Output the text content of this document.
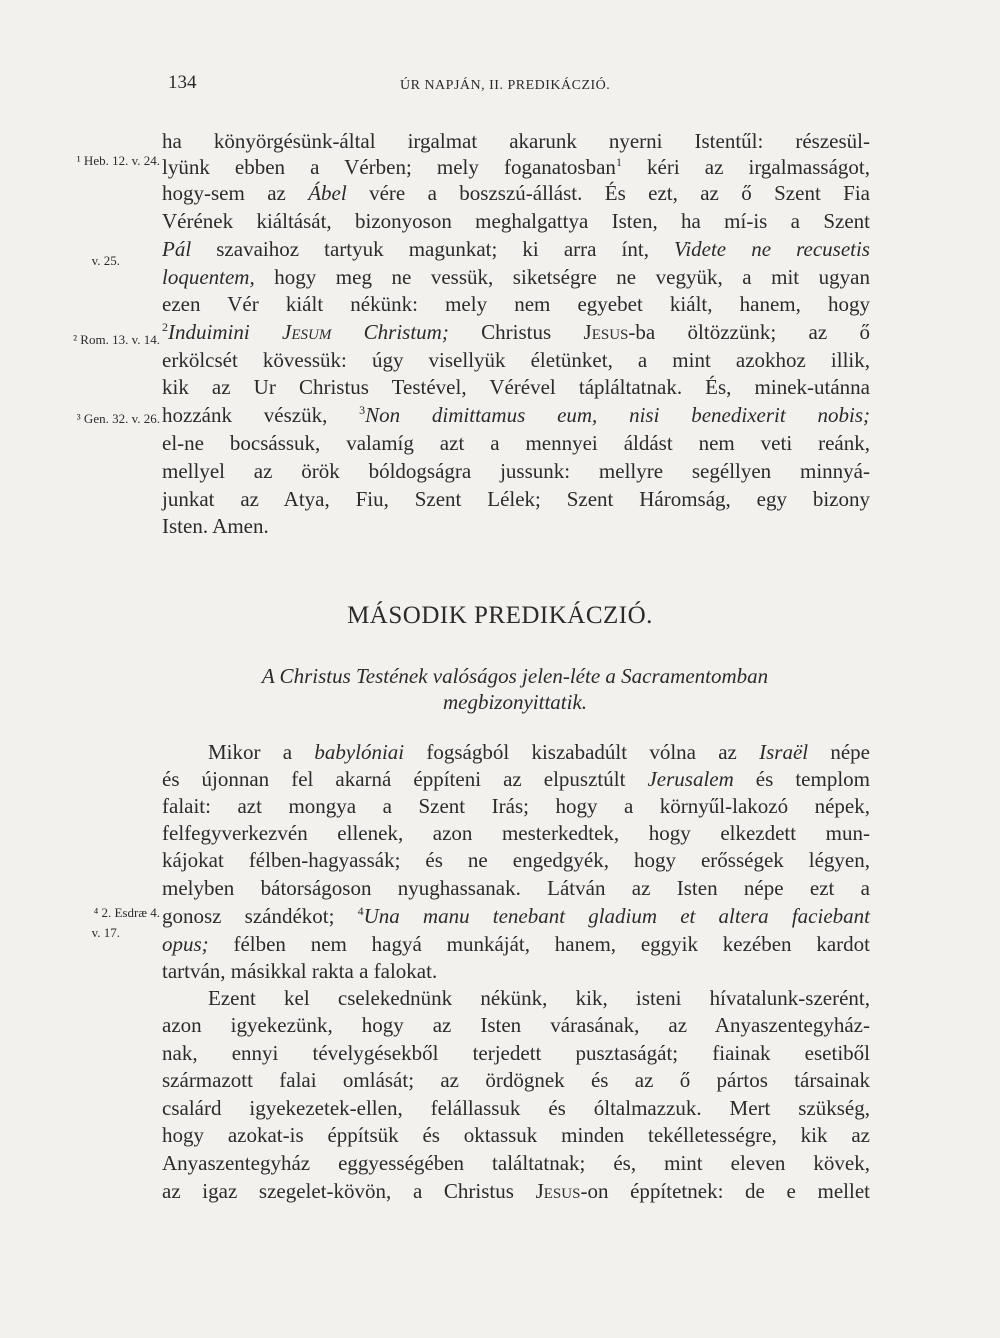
134	ÚR NAPJÁN, II. PREDIKÁCZIÓ.
¹ Heb. 12. v. 24.
v. 25.
² Rom. 13. v. 14.
³ Gen. 32. v. 26.
⁴ 2. Esdræ 4.
v. 17.
ha könyörgésünk-által irgalmat akarunk nyerni Istentűl: részesül-
lyünk ebben a Vérben; mely foganatosban$^1$ kéri az irgalmasságot,
hogy-sem az Ábel vére a boszszú-állást. És ezt, az ő Szent Fia
Vérének kiáltását, bizonyoson meghalgattya Isten, ha mí-is a Szent
Pál szavaihoz tartyuk magunkat; ki arra ínt, Videte ne recusetis
loquentem, hogy meg ne vessük, siketségre ne vegyük, a mit ugyan
ezen Vér kiált nékünk: mely nem egyebet kiált, hanem, hogy
$^2$Induimini Jesum Christum; Christus Jesus-ba öltözzünk; az ő
erkölcsét kövessük: úgy visellyük életünket, a mint azokhoz illik,
kik az Ur Christus Testével, Vérével tápláltatnak. És, minek-utánna
hozzánk vészük, $^3$Non dimittamus eum, nisi benedixerit nobis;
el-ne bocsássuk, valamíg azt a mennyei áldást nem veti reánk,
mellyel az örök bóldogságra jussunk: mellyre segéllyen minnyá-
junkat az Atya, Fiu, Szent Lélek; Szent Háromság, egy bizony
Isten. Amen.
MÁSODIK PREDIKÁCZIÓ.
A Christus Testének valóságos jelen-léte a Sacramentomban
megbizonyittatik.
Mikor a babylóniai fogságból kiszabadúlt vólna az Israël népe
és újonnan fel akarná éppíteni az elpusztúlt Jerusalem és templom
falait: azt mongya a Szent Irás; hogy a környűl-lakozó népek,
felfegyverkezvén ellenek, azon mesterkedtek, hogy elkezdett mun-
kájokat félben-hagyassák; és ne engedgyék, hogy erősségek légyen,
melyben bátorságoson nyughassanak. Látván az Isten népe ezt a
gonosz szándékot; $^4$Una manu tenebant gladium et altera faciebant
opus; félben nem hagyá munkáját, hanem, eggyik kezében kardot
tartván, másikkal rakta a falokat.
Ezent kel cselekednünk nékünk, kik, isteni hívatalunk-szerént,
azon igyekezünk, hogy az Isten várasának, az Anyaszentegyház-
nak, ennyi tévelygésekből terjedett pusztaságát; fiainak esetiből
származott falai omlását; az ördögnek és az ő pártos társainak
csalárd igyekezetek-ellen, felállassuk és óltalmazzuk. Mert szükség,
hogy azokat-is éppítsük és oktassuk minden tekélletességre, kik az
Anyaszentegyház eggyességében találtatnak; és, mint eleven kövek,
az igaz szegelet-kövön, a Christus Jesus-on éppítetnek: de e mellet
